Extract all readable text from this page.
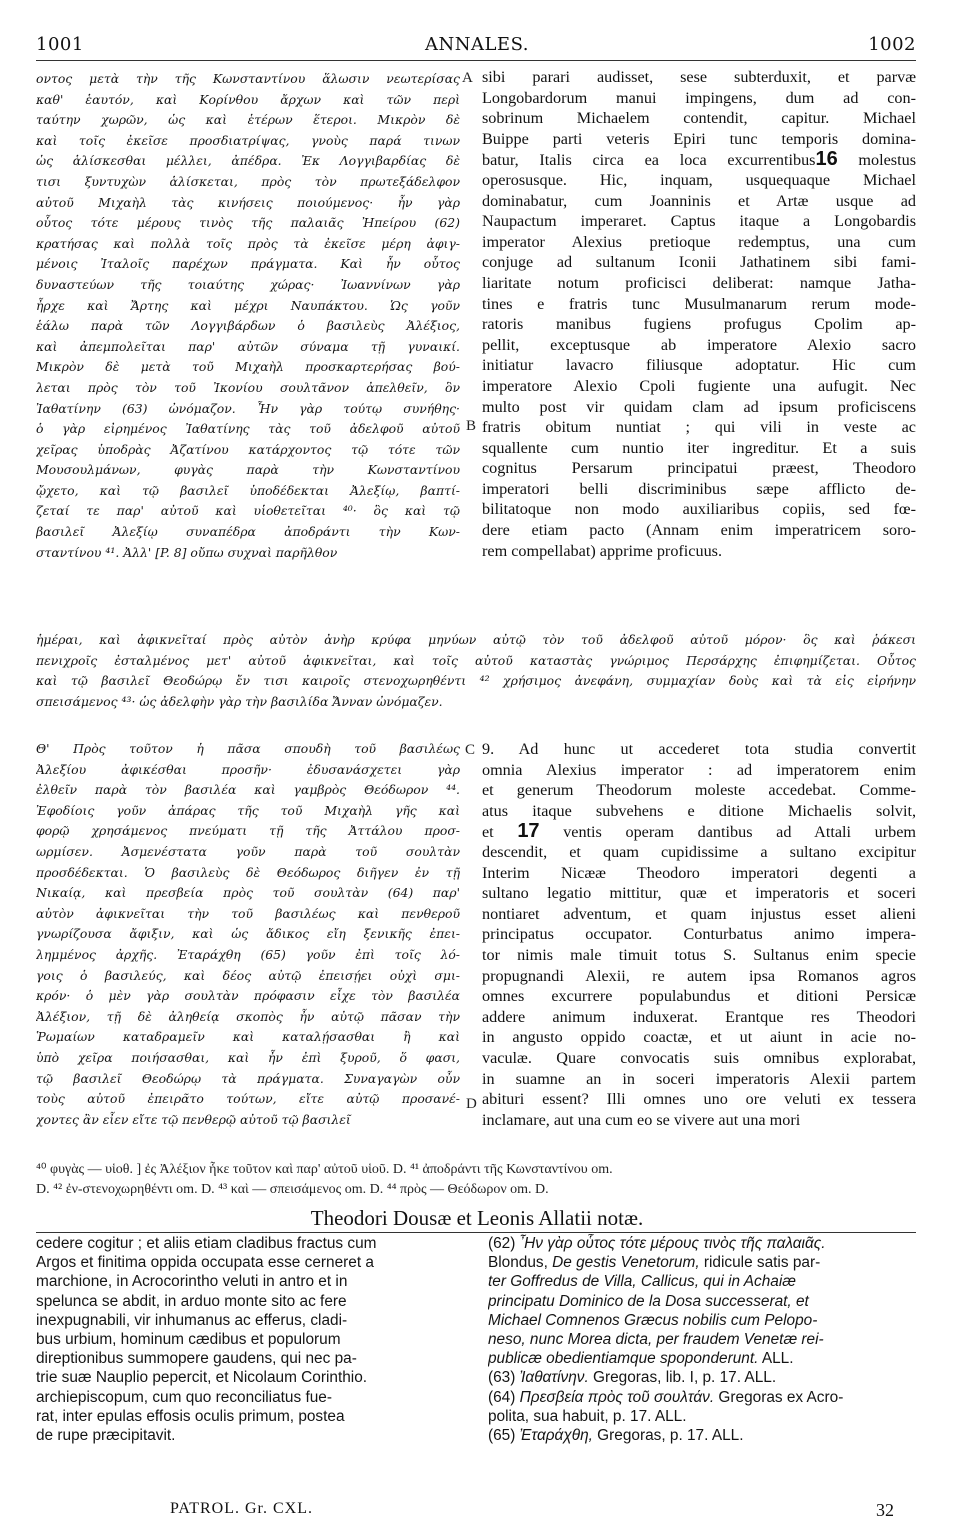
1001	ANNALES.	1002
οντος μετὰ τὴν τῆς Κωνσταντίνου ἅλωσιν νεωτερίσας
καθ' ἑαυτόν, καὶ Κορίνθου ἄρχων καὶ τῶν περὶ
ταύτην χωρῶν, ὡς καὶ ἑτέρων ἕτεροι. Μικρὸν δὲ
καὶ τοῖς ἐκεῖσε προσδιατρίψας, γνοὺς παρά τινων
ὡς ἁλίσκεσθαι μέλλει, ἀπέδρα. Ἐκ Λογγιβαρδίας δὲ
τισι ξυντυχὼν ἁλίσκεται, πρὸς τὸν πρωτεξάδελφον
αὐτοῦ Μιχαὴλ τὰς κινήσεις ποιούμενος· ἦν γὰρ
οὗτος τότε μέρους τινὸς τῆς παλαιᾶς Ἠπείρου (62)
κρατήσας καὶ πολλὰ τοῖς πρὸς τὰ ἐκεῖσε μέρη ἀφιγ-
μένοις Ἰταλοῖς παρέχων πράγματα. Καὶ ἦν οὗτος
δυναστεύων τῆς τοιαύτης χώρας· Ἰωαννίνων γὰρ
ἦρχε καὶ Ἄρτης καὶ μέχρι Ναυπάκτου. Ὡς γοῦν
ἑάλω παρὰ τῶν Λογγιβάρδων ὁ βασιλεὺς Ἀλέξιος,
καὶ ἀπεμπολεῖται παρ' αὐτῶν σύναμα τῇ γυναικί.
Μικρὸν δὲ μετὰ τοῦ Μιχαὴλ προσκαρτερήσας βού-
λεται πρὸς τὸν τοῦ Ἰκονίου σουλτᾶνον ἀπελθεῖν, ὃν
Ἰαθατίνην (63) ὠνόμαζον. Ἦν γὰρ τούτῳ συνήθης·
ὁ γὰρ εἰρημένος Ἰαθατίνης τὰς τοῦ ἀδελφοῦ αὐτοῦ
χεῖρας ὑποδρὰς Ἀζατίνου κατάρχοντος τῷ τότε τῶν
Μουσουλμάνων, φυγὰς παρὰ τὴν Κωνσταντίνου
ᾤχετο, καὶ τῷ βασιλεῖ ὑποδέδεκται Ἀλεξίῳ, βαπτί-
ζεταί τε παρ' αὐτοῦ καὶ υἱοθετεῖται ⁴⁰· ὃς καὶ τῷ
βασιλεῖ Ἀλεξίῳ συναπέδρα ἀποδράντι τὴν Κων-
σταντίνου ⁴¹. Ἀλλ' [P. 8] οὔπω συχναὶ παρῆλθον
sibi parari audisset, sese subterduxit, et parvæ
Longobardorum manui impingens, dum ad con-
sobrinum Michaelem contendit, capitur. Michael
Buippe parti veteris Epiri tunc temporis domina-
batur, Italis circa ea loca excurrentibus16 molestus
operosusque. Hic, inquam, usquequaque Michael
dominabatur, cum Joanninis et Artæ usque ad
Naupactum imperaret. Captus itaque a Longobardis
imperator Alexius pretioque redemptus, una cum
conjuge ad sultanum Iconii Jathatinem sibi fami-
liaritate notum proficisci deliberat: namque Jatha-
tines e fratris tunc Musulmanarum rerum mode-
ratoris manibus fugiens profugus Cpolim ap-
pellit, exceptusque ab imperatore Alexio sacro
initiatur lavacro filiusque adoptatur. Hic cum
imperatore Alexio Cpoli fugiente una aufugit. Nec
multo post vir quidam clam ad ipsum proficiscens
fratris obitum nuntiat ; qui vili in veste ac
squallente cum nuntio iter ingreditur. Et a suis
cognitus Persarum principatui præest, Theodoro
imperatori belli discriminibus sæpe afflicto de-
bilitatoque non modo auxiliaribus copiis, sed fœ-
dere etiam pacto (Annam enim imperatricem soro-
rem compellabat) apprime proficuus.
A
B
C
D
ἡμέραι, καὶ ἀφικνεῖταί πρὸς αὐτὸν ἀνὴρ κρύφα μηνύων αὐτῷ τὸν τοῦ ἀδελφοῦ αὐτοῦ μόρον· ὃς καὶ ῥάκεσι
πενιχροῖς ἐσταλμένος μετ' αὐτοῦ ἀφικνεῖται, καὶ τοῖς αὐτοῦ καταστὰς γνώριμος Περσάρχης ἐπιφημίζεται. Οὗτος
καὶ τῷ βασιλεῖ Θεοδώρῳ ἔν τισι καιροῖς στενοχωρηθέντι ⁴² χρήσιμος ἀνεφάνη, συμμαχίαν δοὺς καὶ τὰ εἰς εἰρήνην
σπεισάμενος ⁴³· ὡς ἀδελφὴν γὰρ τὴν βασιλίδα Ἄνναν ὠνόμαζεν.
Θ' Πρὸς τοῦτον ἡ πᾶσα σπουδὴ τοῦ βασιλέως
Ἀλεξίου ἀφικέσθαι προσῆν· ἐδυσανάσχετει γὰρ
ἐλθεῖν παρὰ τὸν βασιλέα καὶ γαμβρὸς Θεόδωρον ⁴⁴.
Ἐφοδίοις γοῦν ἀπάρας τῆς τοῦ Μιχαὴλ γῆς καὶ
φορῷ χρησάμενος πνεύματι τῇ τῆς Ἀττάλου προσ-
ωρμίσεν. Ἀσμενέστατα γοῦν παρὰ τοῦ σουλτὰν
προσδέδεκται. Ὁ βασιλεὺς δὲ Θεόδωρος διῆγεν ἐν τῇ
Νικαίᾳ, καὶ πρεσβεία πρὸς τοῦ σουλτὰν (64) παρ'
αὐτὸν ἀφικνεῖται τὴν τοῦ βασιλέως καὶ πενθεροῦ
γνωρίζουσα ἄφιξιν, καὶ ὡς ἄδικος εἴη ξενικῆς ἐπει-
λημμένος ἀρχῆς. Ἐταράχθη (65) γοῦν ἐπὶ τοῖς λό-
γοις ὁ βασιλεύς, καὶ δέος αὐτῷ ἐπεισῄει οὐχὶ σμι-
κρόν· ὁ μὲν γὰρ σουλτὰν πρόφασιν εἶχε τὸν βασιλέα
Ἀλέξιον, τῇ δὲ ἀληθείᾳ σκοπὸς ἦν αὐτῷ πᾶσαν τὴν
Ῥωμαίων καταδραμεῖν καὶ καταλῄσασθαι ἢ καὶ
ὑπὸ χεῖρα ποιήσασθαι, καὶ ἦν ἐπὶ ξυροῦ, ὅ φασι,
τῷ βασιλεῖ Θεοδώρῳ τὰ πράγματα. Συναγαγὼν οὖν
τοὺς αὐτοῦ ἐπειρᾶτο τούτων, εἴτε αὐτῷ προσανέ-
χοντες ἂν εἶεν εἴτε τῷ πενθερῷ αὐτοῦ τῷ βασιλεῖ
9. Ad hunc ut accederet tota studia convertit
omnia Alexius imperator : ad imperatorem enim
et generum Theodorum moleste accedebat. Comme-
atus itaque subvehens e ditione Michaelis solvit,
et 17 ventis operam dantibus ad Attali urbem
descendit, et quam cupidissime a sultano excipitur
Interim Nicææ Theodoro imperatori degenti a
sultano legatio mittitur, quæ et imperatoris et soceri
nontiaret adventum, et quam injustus esset alieni
principatus occupator. Conturbatus animo impera-
tor nimis male timuit totus S. Sultanus enim specie
propugnandi Alexii, re autem ipsa Romanos agros
omnes excurrere populabundus et ditioni Persicæ
addere animum induxerat. Erantque res Theodori
in angusto oppido coactæ, et ut aiunt in acie no-
vaculæ. Quare convocatis suis omnibus explorabat,
in suamne an in soceri imperatoris Alexii partem
abituri essent? Illi omnes uno ore veluti ex tessera
inclamare, aut una cum eo se vivere aut una mori
⁴⁰ φυγὰς — υἱοθ. ] ἐς Ἀλέξιον ἧκε τοῦτον καὶ παρ' αὐτοῦ υἱοῦ. D. ⁴¹ ἀποδράντι τῆς Κωνσταντίνου om.
D. ⁴² ἐν-στενοχωρηθέντι om. D. ⁴³ καὶ — σπεισάμενος om. D. ⁴⁴ πρὸς — Θεόδωρον om. D.
Theodori Dousæ et Leonis Allatii notæ.
cedere cogitur ; et aliis etiam cladibus fractus cum
Argos et finitima oppida occupata esse cerneret a
marchione, in Acrocorintho veluti in antro et in
spelunca se abdit, in arduo monte sito ac fere
inexpugnabili, vir inhumanus ac efferus, cladi-
bus urbium, hominum cædibus et populorum
direptionibus summopere gaudens, qui nec pa-
trie suæ Nauplio pepercit, et Nicolaum Corinthio.
archiepiscopum, cum quo reconciliatus fue-
rat, inter epulas effosis oculis primum, postea
de rupe præcipitavit.
(62) Ἦν γὰρ οὗτος τότε μέρους τινὸς τῆς παλαιᾶς.
Blondus, De gestis Venetorum, ridicule satis par-
ter Goffredus de Villa, Callicus, qui in Achaiæ
principatu Dominico de la Dosa successerat, et
Michael Comnenos Græcus nobilis cum Pelopo-
neso, nunc Morea dicta, per fraudem Venetæ rei-
publicæ obedientiamque spoponderunt. ALL.
(63) Ἰαθατίνην. Gregoras, lib. I, p. 17. ALL.
(64) Πρεσβεία πρὸς τοῦ σουλτάν. Gregoras ex Acro-
polita, sua habuit, p. 17. ALL.
(65) Ἐταράχθη, Gregoras, p. 17. ALL.
PATROL. Gr. CXL.	32
